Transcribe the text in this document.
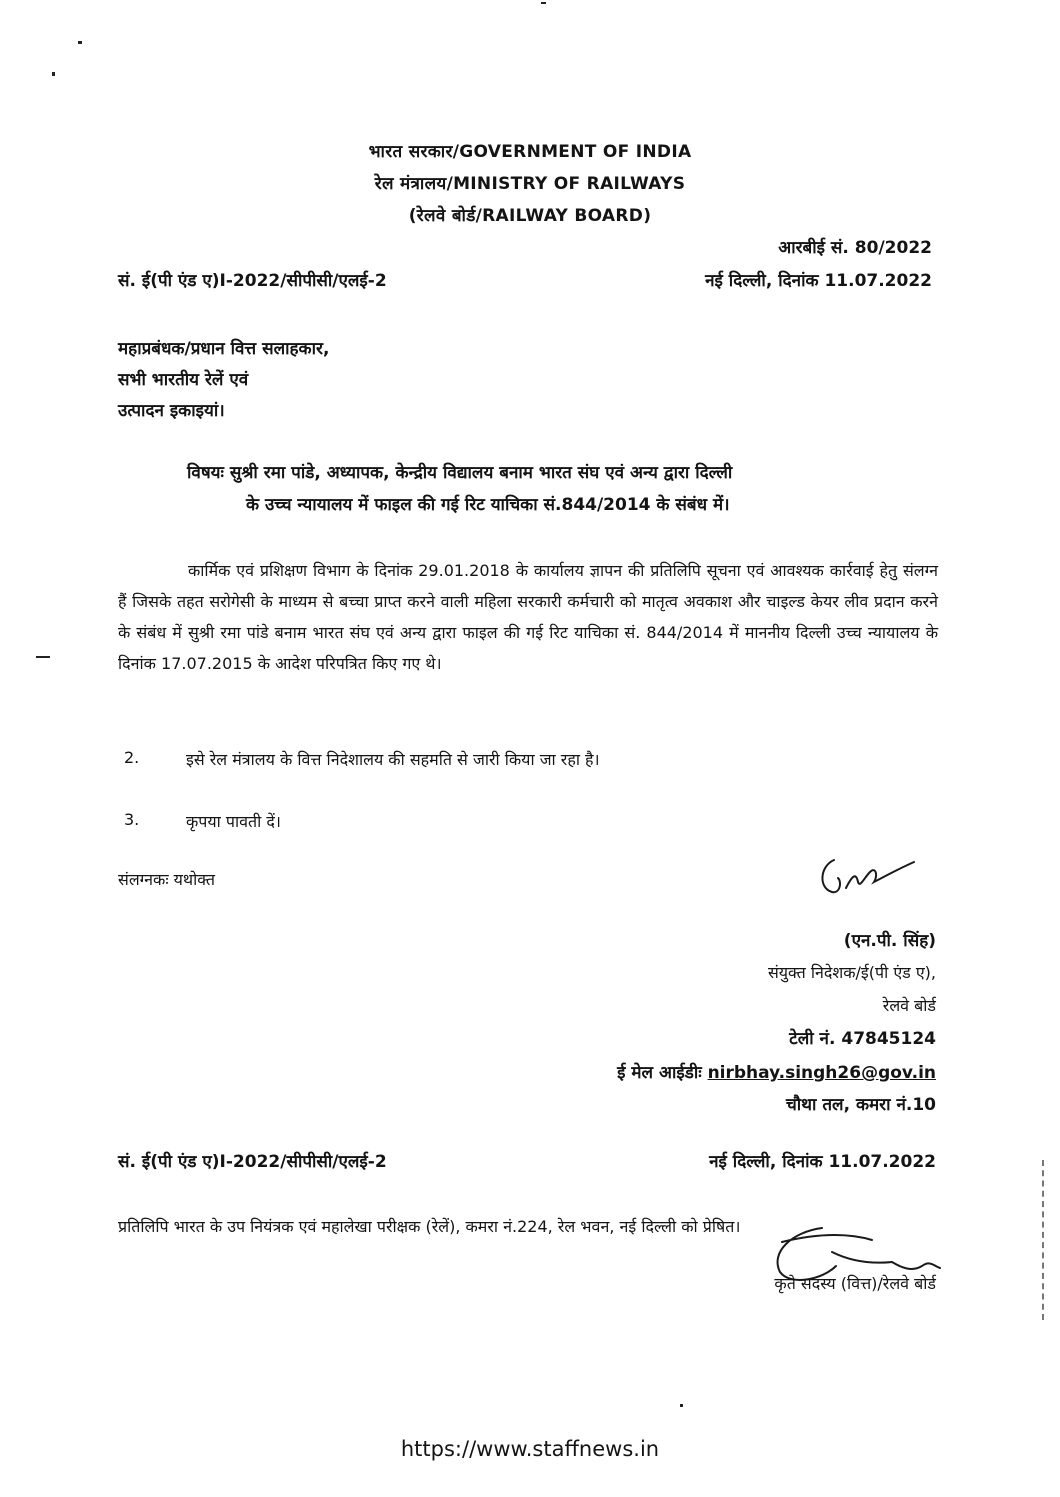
भारत सरकार/GOVERNMENT OF INDIA
रेल मंत्रालय/MINISTRY OF RAILWAYS
(रेलवे बोर्ड/RAILWAY BOARD)
आरबीई सं. 80/2022
सं. ई(पी एंड ए)I-2022/सीपीसी/एलई-2	नई दिल्ली, दिनांक 11.07.2022
महाप्रबंधक/प्रधान वित्त सलाहकार,
सभी भारतीय रेलें एवं
उत्पादन इकाइयां।
विषयः सुश्री रमा पांडे, अध्यापक, केन्द्रीय विद्यालय बनाम भारत संघ एवं अन्य द्वारा दिल्ली
के उच्च न्यायालय में फाइल की गई रिट याचिका सं.844/2014 के संबंध में।
कार्मिक एवं प्रशिक्षण विभाग के दिनांक 29.01.2018 के कार्यालय ज्ञापन की प्रतिलिपि सूचना एवं आवश्यक कार्रवाई हेतु संलग्न हैं जिसके तहत सरोगेसी के माध्यम से बच्चा प्राप्त करने वाली महिला सरकारी कर्मचारी को मातृत्व अवकाश और चाइल्ड केयर लीव प्रदान करने के संबंध में सुश्री रमा पांडे बनाम भारत संघ एवं अन्य द्वारा फाइल की गई रिट याचिका सं. 844/2014 में माननीय दिल्ली उच्च न्यायालय के दिनांक 17.07.2015 के आदेश परिपत्रित किए गए थे।
2.	इसे रेल मंत्रालय के वित्त निदेशालय की सहमति से जारी किया जा रहा है।
3.	कृपया पावती दें।
संलग्नकः यथोक्त
(एन.पी. सिंह)
संयुक्त निदेशक/ई(पी एंड ए),
रेलवे बोर्ड
टेली नं. 47845124
ई मेल आईडीः nirbhay.singh26@gov.in
चौथा तल, कमरा नं.10
सं. ई(पी एंड ए)I-2022/सीपीसी/एलई-2	नई दिल्ली, दिनांक 11.07.2022
प्रतिलिपि भारत के उप नियंत्रक एवं महालेखा परीक्षक (रेलें), कमरा नं.224, रेल भवन, नई दिल्ली को प्रेषित।
कृते सदस्य (वित्त)/रेलवे बोर्ड
https://www.staffnews.in
